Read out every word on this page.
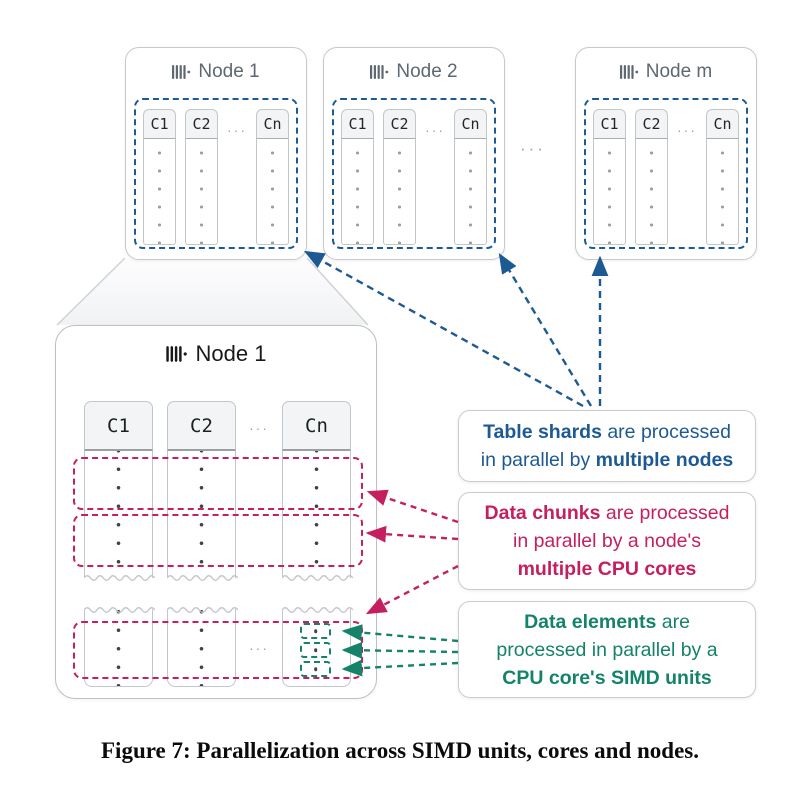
Node 1
C1	C2	···	Cn
Node 2
C1	C2	···	Cn
···
Node m
C1	C2	···	Cn
Node 1
C1	C2	Cn
···
···
Table shards are processed
in parallel by multiple nodes
Data chunks are processed
in parallel by a node's
multiple CPU cores
Data elements are
processed in parallel by a
CPU core's SIMD units
Figure 7: Parallelization across SIMD units, cores and nodes.
